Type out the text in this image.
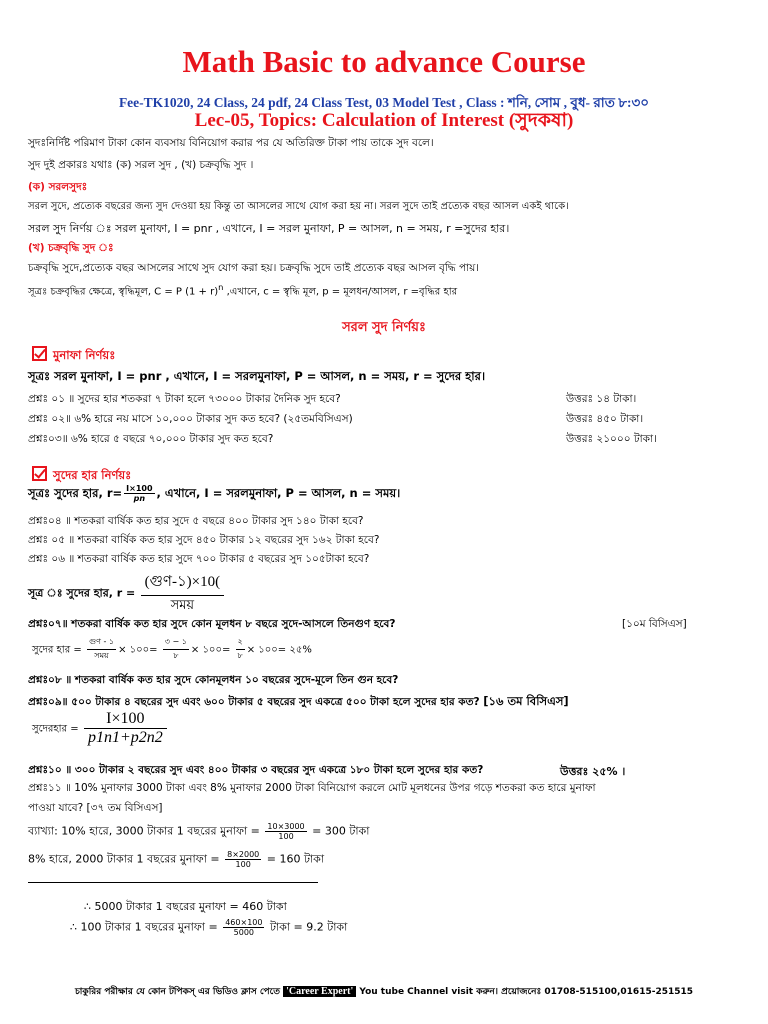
Math Basic to advance Course
Fee-TK1020, 24 Class, 24 pdf, 24 Class Test, 03 Model Test , Class : শনি, সোম , বুধ- রাত ৮:৩০
Lec-05, Topics: Calculation of Interest (সুদকষা)
সুদঃনির্দিষ্ট পরিমাণ টাকা কোন ব্যবসায় বিনিয়োগ করার পর যে অতিরিক্ত টাকা পায় তাকে সুদ বলে।
সুদ দুই প্রকারঃ যথাঃ (ক) সরল সুদ , (খ) চক্রবৃদ্ধি সুদ ।
(ক) সরলসুদঃ
সরল সুদে, প্রত্যেক বছরের জন্য সুদ দেওয়া হয় কিন্তু তা আসলের সাথে যোগ করা হয় না। সরল সুদে তাই প্রত্যেক বছর আসল একই থাকে।
সরল সুদ নির্ণয় ঃ সরল মুনাফা, I = pnr , এখানে, I = সরল মুনাফা, P = আসল, n = সময়, r =সুদের হার।
(খ) চক্রবৃদ্ধি সুদ ঃ
চক্রবৃদ্ধি সুদে,প্রত্যেক বছর আসলের সাথে সুদ যোগ করা হয়। চক্রবৃদ্ধি সুদে তাই প্রত্যেক বছর আসল বৃদ্ধি পায়।
সূত্রঃ চক্রবৃদ্ধির ক্ষেত্রে, স্বৃদ্ধিমূল, C = P $(1 + r)^n$ ,এখানে, c = স্বৃদ্ধি মূল, p = মূলধন/আসল, r =বৃদ্ধির হার
সরল সুদ নির্ণয়ঃ
মুনাফা নির্ণয়ঃ
সূত্রঃ সরল মুনাফা, I = pnr , এখানে, I = সরলমুনাফা, P = আসল, n = সময়, r = সুদের হার।
প্রশ্নঃ ০১ ॥ সুদের হার শতকরা ৭ টাকা হলে ৭৩০০০ টাকার দৈনিক সুদ হবে?	উত্তরঃ ১৪ টাকা।
প্রশ্নঃ ০২॥ ৬% হারে নয় মাসে ১০,০০০ টাকার সুদ কত হবে? (২৫তমবিসিএস)	উত্তরঃ ৪৫০ টাকা।
প্রশ্নঃ০৩॥ ৬% হারে ৫ বছরে ৭০,০০০ টাকার সুদ কত হবে?	উত্তরঃ ২১০০০ টাকা।
সুদের হার নির্ণয়ঃ
সূত্রঃ সুদের হার, $r= \frac{I\times 100}{pn}$ , এখানে, I = সরলমুনাফা, P = আসল, n = সময়।
প্রশ্নঃ০৪ ॥ শতকরা বার্ষিক কত হার সুদে ৫ বছরে ৪০০ টাকার সুদ ১৪০ টাকা হবে?
প্রশ্নঃ ০৫ ॥ শতকরা বার্ষিক কত হার সুদে ৪৫০ টাকার ১২ বছরের সুদ ১৬২ টাকা হবে?
প্রশ্নঃ ০৬ ॥ শতকরা বার্ষিক কত হার সুদে ৭০০ টাকার ৫ বছরের সুদ ১০৫টাকা হবে?
সূত্র ঃ সুদের হার, $r = \frac{\text{(গুণ-১)×10(}}{\text{সময়}}$
প্রশ্নঃ০৭॥ শতকরা বার্ষিক কত হার সুদে কোন মূলধন ৮ বছরে সুদে-আসলে তিনগুণ হবে?	[১০ম বিসিএস]
সুদের হার = $\frac{\text{গুণ - ১}}{\text{সময়}}$ × ১০০= $\frac{৩ - ১}{৮}$ × ১০০= $\frac{২}{৮}$ × ১০০= ২৫%
প্রশ্নঃ০৮ ॥ শতকরা বার্ষিক কত হার সুদে কোনমূলধন ১০ বছরের সুদে-মূলে তিন গুন হবে?
প্রশ্নঃ০৯॥ ৫০০ টাকার ৪ বছরের সুদ এবং ৬০০ টাকার ৫ বছরের সুদ একত্রে ৫০০ টাকা হলে সুদের হার কত? [১৬ তম বিসিএস]
সুদেরহার = $\frac{I\times 100}{p1n1+p2n2}$
প্রশ্নঃ১০ ॥ ৩০০ টাকার ২ বছরের সুদ এবং ৪০০ টাকার ৩ বছরের সুদ একত্রে ১৮০ টাকা হলে সুদের হার কত?	উত্তরঃ ২৫% ।
প্রশ্নঃ১১ ॥ 10% মুনাফার 3000 টাকা এবং 8% মুনাফার 2000 টাকা বিনিয়োগ করলে মোট মূলধনের উপর গড়ে শতকরা কত হারে মুনাফা
পাওয়া যাবে? [৩৭ তম বিসিএস]
ব্যাখ্যা: 10% হারে, 3000 টাকার 1 বছরের মুনাফা = $\frac{10\times 3000}{100} = 300$ টাকা
8% হারে, 2000 টাকার 1 বছরের মুনাফা = $\frac{8\times 2000}{100} = 160$ টাকা
∴ 5000 টাকার 1 বছরের মুনাফা = 460 টাকা
∴ 100 টাকার 1 বছরের মুনাফা = $\frac{460\times 100}{5000}$ টাকা = 9.2 টাকা
চাকুরির পরীক্ষার যে কোন টপিকস্ এর ভিডিও ক্লাস পেতে 'Career Expert' You tube Channel visit করুন। প্রয়োজনেঃ 01708-515100,01615-251515
